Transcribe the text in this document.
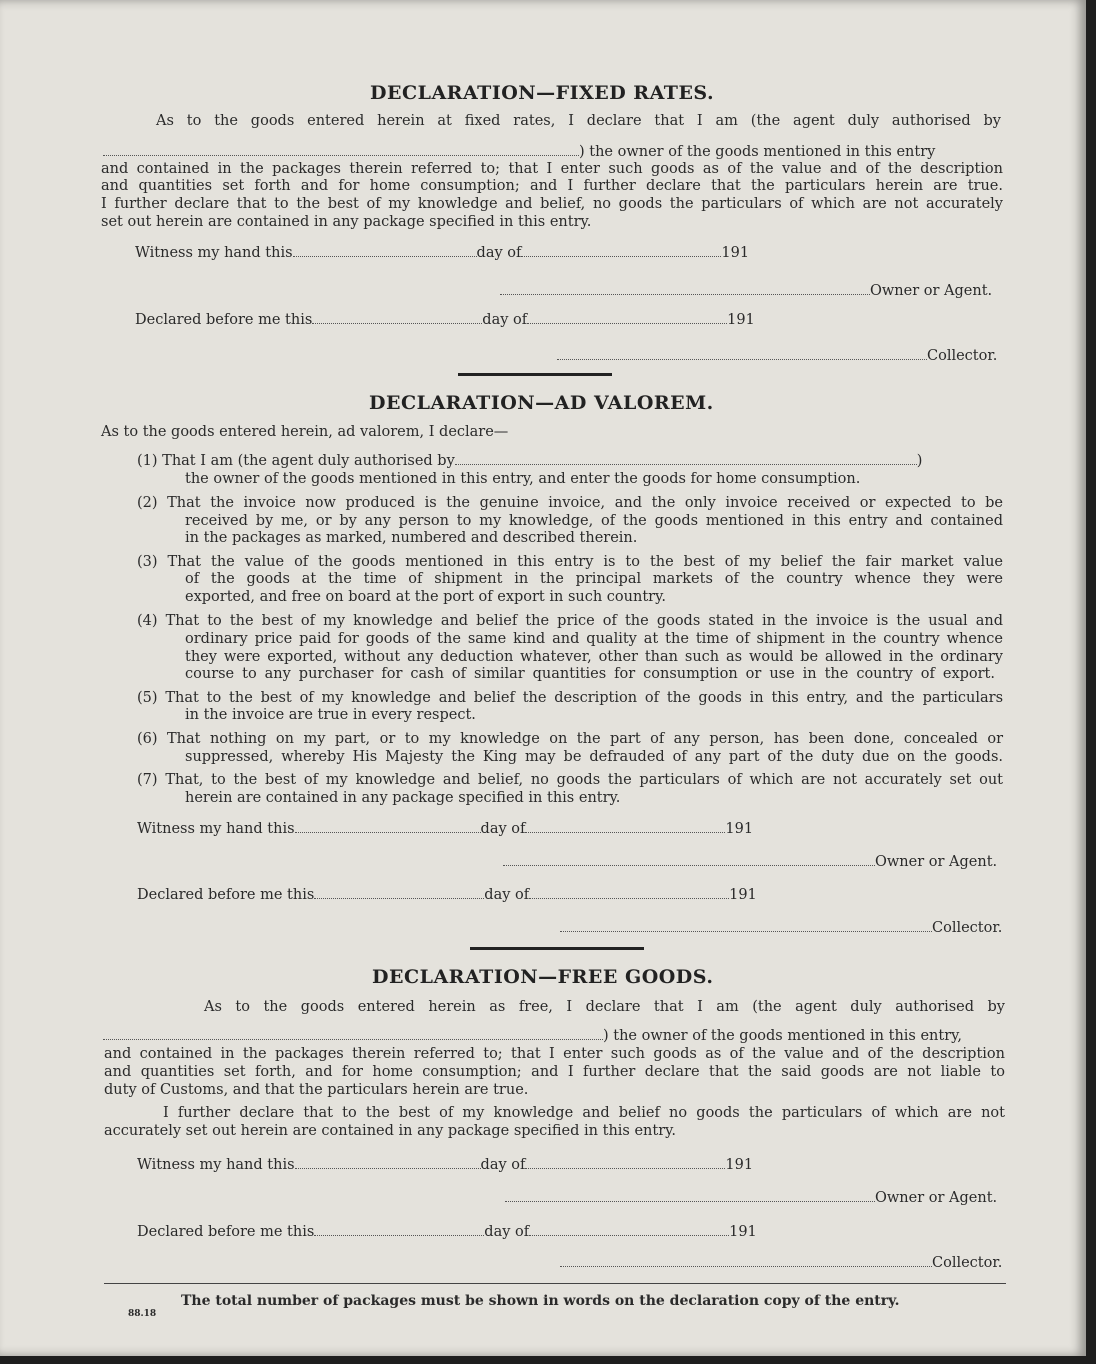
DECLARATION—FIXED RATES.
As to the goods entered herein at fixed rates, I declare that I am (the agent duly authorised by
) the owner of the goods mentioned in this entry
and contained in the packages therein referred to; that I enter such goods as of the value and of the description
and quantities set forth and for home consumption; and I further declare that the particulars herein are true.
I further declare that to the best of my knowledge and belief, no goods the particulars of which are not accurately
set out herein are contained in any package specified in this entry.
Witness my hand this	day of	191
Owner or Agent.
Declared before me this	day of	191
Collector.
DECLARATION—AD VALOREM.
As to the goods entered herein, ad valorem, I declare—
(1) That I am (the agent duly authorised by	)
the owner of the goods mentioned in this entry, and enter the goods for home consumption.
(2) That the invoice now produced is the genuine invoice, and the only invoice received or expected to be
received by me, or by any person to my knowledge, of the goods mentioned in this entry and contained
in the packages as marked, numbered and described therein.
(3) That the value of the goods mentioned in this entry is to the best of my belief the fair market value
of the goods at the time of shipment in the principal markets of the country whence they were
exported, and free on board at the port of export in such country.
(4) That to the best of my knowledge and belief the price of the goods stated in the invoice is the usual and
ordinary price paid for goods of the same kind and quality at the time of shipment in the country whence
they were exported, without any deduction whatever, other than such as would be allowed in the ordinary
course to any purchaser for cash of similar quantities for consumption or use in the country of export.
(5) That to the best of my knowledge and belief the description of the goods in this entry, and the particulars
in the invoice are true in every respect.
(6) That nothing on my part, or to my knowledge on the part of any person, has been done, concealed or
suppressed, whereby His Majesty the King may be defrauded of any part of the duty due on the goods.
(7) That, to the best of my knowledge and belief, no goods the particulars of which are not accurately set out
herein are contained in any package specified in this entry.
Witness my hand this	day of	191
Owner or Agent.
Declared before me this	day of	191
Collector.
DECLARATION—FREE GOODS.
As to the goods entered herein as free, I declare that I am (the agent duly authorised by
) the owner of the goods mentioned in this entry,
and contained in the packages therein referred to; that I enter such goods as of the value and of the description
and quantities set forth, and for home consumption; and I further declare that the said goods are not liable to
duty of Customs, and that the particulars herein are true.
I further declare that to the best of my knowledge and belief no goods the particulars of which are not
accurately set out herein are contained in any package specified in this entry.
Witness my hand this	day of	191
Owner or Agent.
Declared before me this	day of	191
Collector.
The total number of packages must be shown in words on the declaration copy of the entry.
88.18
